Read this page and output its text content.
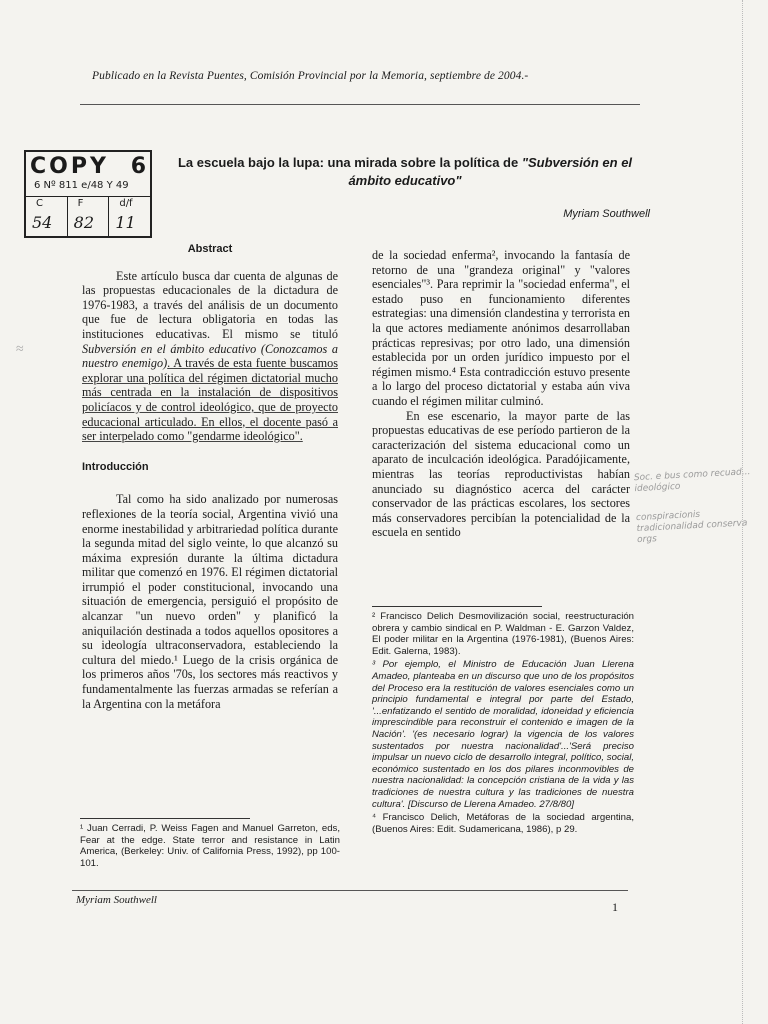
Publicado en la Revista Puentes, Comisión Provincial por la Memoria, septiembre de 2004.-
COPY 6
6 Nº 811 e/48 Y 49
C
54
F
82
d/f
11
La escuela bajo la lupa: una mirada sobre la política de "Subversión en el ámbito educativo"
Myriam Southwell

Abstract

Este artículo busca dar cuenta de algunas de las propuestas educacionales de la dictadura de 1976-1983, a través del análisis de un documento que fue de lectura obligatoria en todas las instituciones educativas. El mismo se tituló Subversión en el ámbito educativo (Conozcamos a nuestro enemigo). A través de esta fuente buscamos explorar una política del régimen dictatorial mucho más centrada en la instalación de dispositivos policíacos y de control ideológico, que de proyecto educacional articulado. En ellos, el docente pasó a ser interpelado como "gendarme ideológico".

Introducción

Tal como ha sido analizado por numerosas reflexiones de la teoría social, Argentina vivió una enorme inestabilidad y arbitrariedad política durante la segunda mitad del siglo veinte, lo que alcanzó su máxima expresión durante la última dictadura militar que comenzó en 1976. El régimen dictatorial irrumpió el poder constitucional, invocando una situación de emergencia, persiguió el propósito de alcanzar "un nuevo orden" y planificó la aniquilación destinada a todos aquellos opositores a su ideología ultraconservadora, estableciendo la cultura del miedo.¹ Luego de la crisis orgánica de los primeros años '70s, los sectores más reactivos y fundamentalmente las fuerzas armadas se referían a la Argentina con la metáfora

¹ Juan Cerradi, P. Weiss Fagen and Manuel Garreton, eds, Fear at the edge. State terror and resistance in Latin America, (Berkeley: Univ. of California Press, 1992), pp 100-101.

de la sociedad enferma², invocando la fantasía de retorno de una "grandeza original" y "valores esenciales"³. Para reprimir la "sociedad enferma", el estado puso en funcionamiento diferentes estrategias: una dimensión clandestina y terrorista en la que actores mediamente anónimos desarrollaban prácticas represivas; por otro lado, una dimensión establecida por un orden jurídico impuesto por el régimen mismo.⁴ Esta contradicción estuvo presente a lo largo del proceso dictatorial y estaba aún viva cuando el régimen militar culminó.

En ese escenario, la mayor parte de las propuestas educativas de ese período partieron de la caracterización del sistema educacional como un aparato de inculcación ideológica. Paradójicamente, mientras las teorías reproductivistas habían anunciado su diagnóstico acerca del carácter conservador de las prácticas escolares, los sectores más conservadores percibían la potencialidad de la escuela en sentido

² Francisco Delich Desmovilización social, reestructuración obrera y cambio sindical en P. Waldman - E. Garzon Valdez, El poder militar en la Argentina (1976-1981), (Buenos Aires: Edit. Galerna, 1983).

³ Por ejemplo, el Ministro de Educación Juan Llerena Amadeo, planteaba en un discurso que uno de los propósitos del Proceso era la restitución de valores esenciales como un principio fundamental e integral por parte del Estado, '...enfatizando el sentido de moralidad, idoneidad y eficiencia imprescindible para reconstruir el contenido e imagen de la Nación'. '(es necesario lograr) la vigencia de los valores sustentados por nuestra nacionalidad'...'Será preciso impulsar un nuevo ciclo de desarrollo integral, político, social, económico sustentado en los dos pilares inconmovibles de nuestra nacionalidad: la concepción cristiana de la vida y las tradiciones de nuestra cultura y las tradiciones de nuestra cultura'. [Discurso de Llerena Amadeo. 27/8/80]

⁴ Francisco Delich, Metáforas de la sociedad argentina, (Buenos Aires: Edit. Sudamericana, 1986), p 29.

Soc. e bus como recuad... ideológico

conspiracionis tradicionalidad conserva orgs

≈
Myriam Southwell	1
